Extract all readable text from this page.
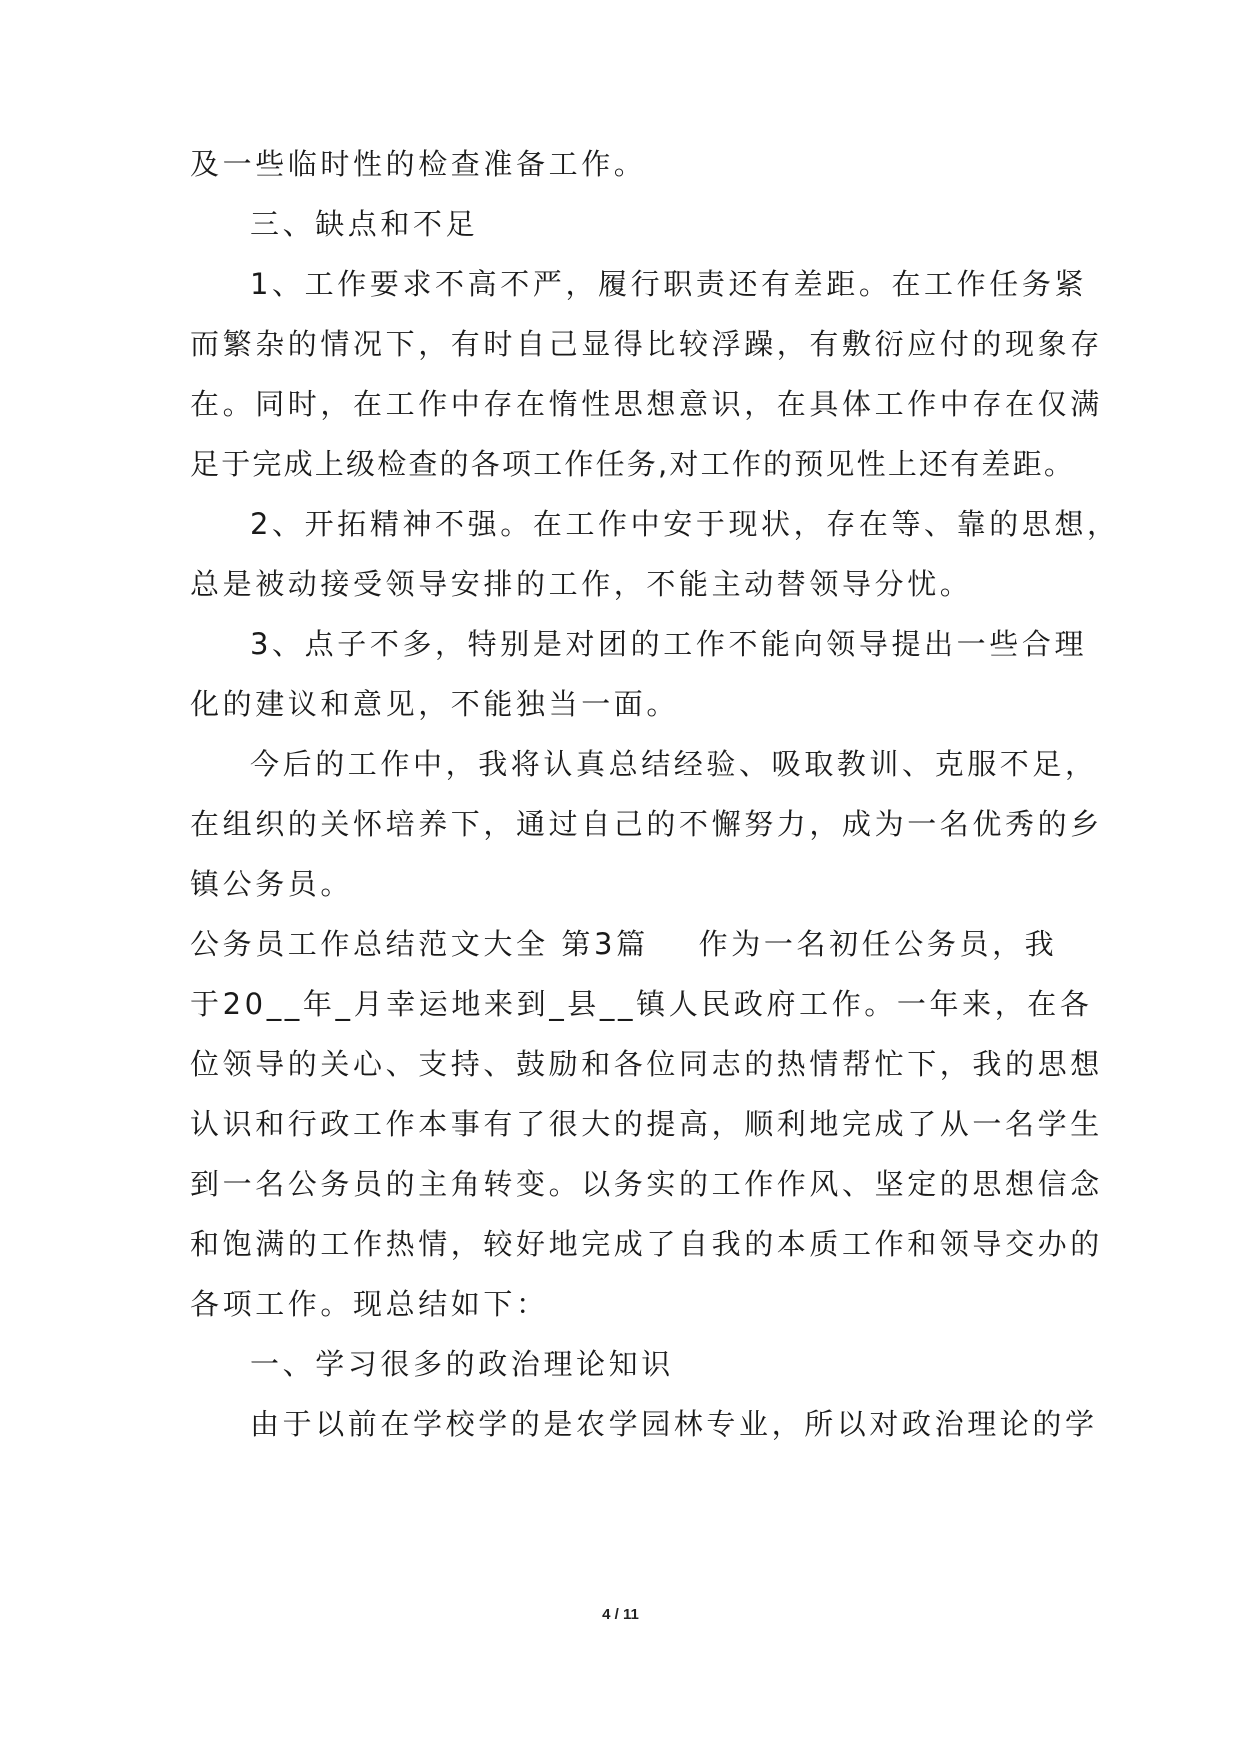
及一些临时性的检查准备工作。
三、缺点和不足
1、工作要求不高不严，履行职责还有差距。在工作任务紧
而繁杂的情况下，有时自己显得比较浮躁，有敷衍应付的现象存
在。同时，在工作中存在惰性思想意识，在具体工作中存在仅满
足于完成上级检查的各项工作任务,对工作的预见性上还有差距。
2、开拓精神不强。在工作中安于现状，存在等、靠的思想，
总是被动接受领导安排的工作，不能主动替领导分忧。
3、点子不多，特别是对团的工作不能向领导提出一些合理
化的建议和意见，不能独当一面。
今后的工作中，我将认真总结经验、吸取教训、克服不足，
在组织的关怀培养下，通过自己的不懈努力，成为一名优秀的乡
镇公务员。
公务员工作总结范文大全 第3篇 作为一名初任公务员，我
于20__年_月幸运地来到_县__镇人民政府工作。一年来，在各
位领导的关心、支持、鼓励和各位同志的热情帮忙下，我的思想
认识和行政工作本事有了很大的提高，顺利地完成了从一名学生
到一名公务员的主角转变。以务实的工作作风、坚定的思想信念
和饱满的工作热情，较好地完成了自我的本质工作和领导交办的
各项工作。现总结如下：
一、学习很多的政治理论知识
由于以前在学校学的是农学园林专业，所以对政治理论的学
4 / 11
